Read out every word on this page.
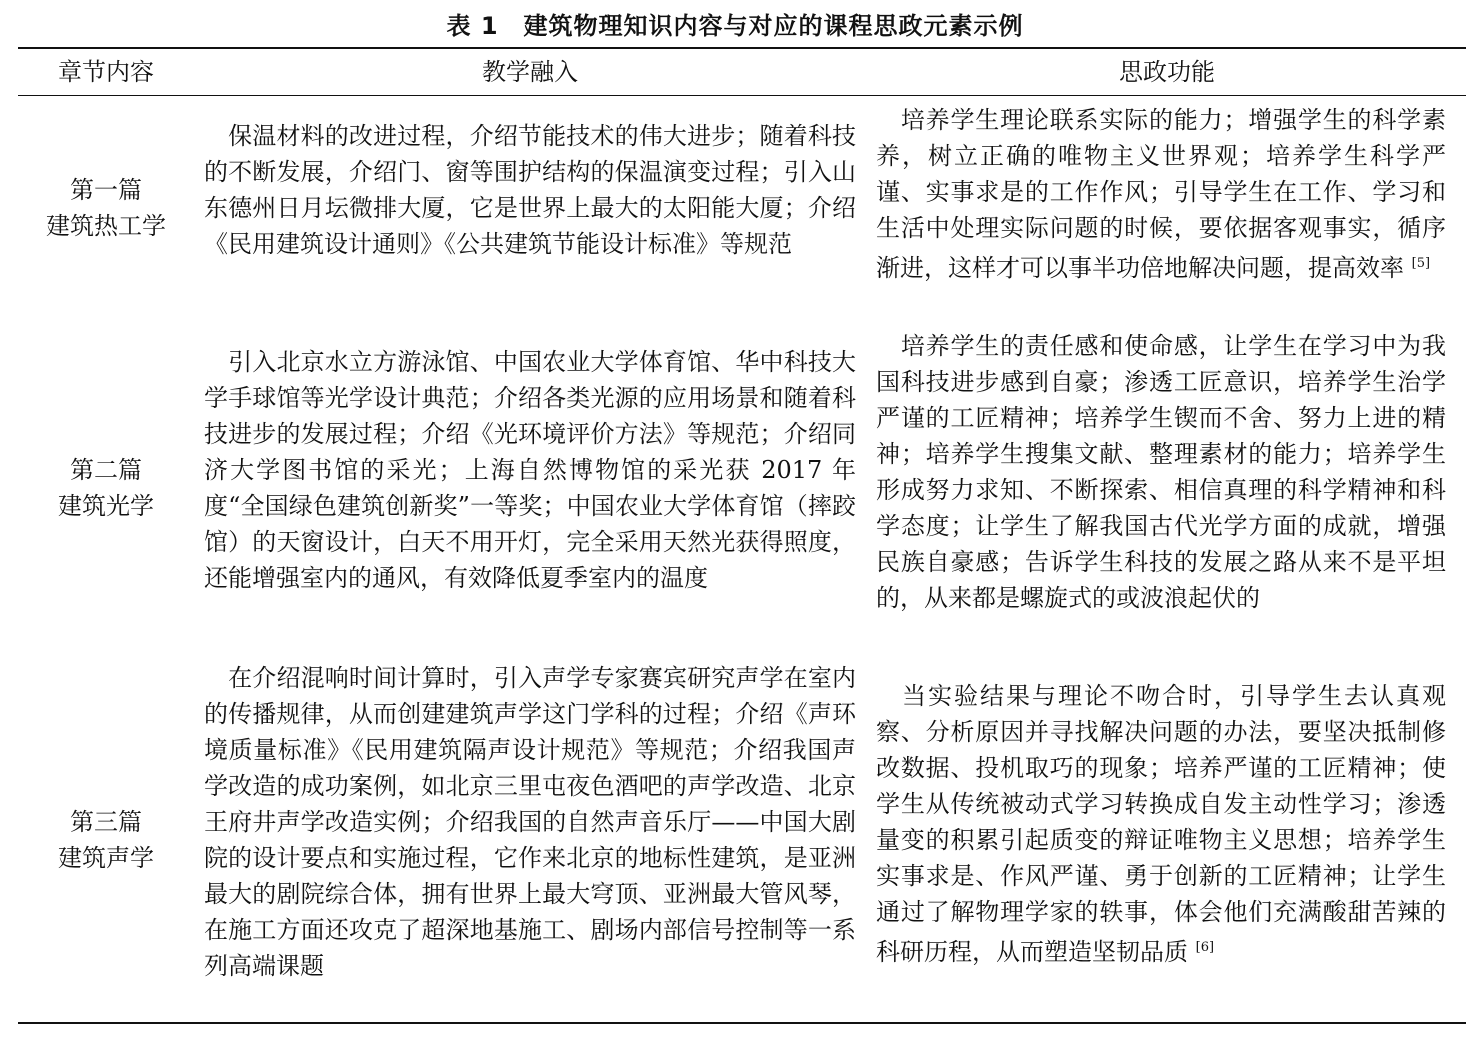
表 1　建筑物理知识内容与对应的课程思政元素示例
章节内容	教学融入	思政功能
第一篇
建筑热工学
保温材料的改进过程，介绍节能技术的伟大进步；随着科技的不断发展，介绍门、窗等围护结构的保温演变过程；引入山东德州日月坛微排大厦，它是世界上最大的太阳能大厦；介绍《民用建筑设计通则》《公共建筑节能设计标准》等规范
培养学生理论联系实际的能力；增强学生的科学素养，树立正确的唯物主义世界观；培养学生科学严谨、实事求是的工作作风；引导学生在工作、学习和生活中处理实际问题的时候，要依据客观事实，循序渐进，这样才可以事半功倍地解决问题，提高效率 [5]
第二篇
建筑光学
引入北京水立方游泳馆、中国农业大学体育馆、华中科技大学手球馆等光学设计典范；介绍各类光源的应用场景和随着科技进步的发展过程；介绍《光环境评价方法》等规范；介绍同济大学图书馆的采光；上海自然博物馆的采光获 2017 年度“全国绿色建筑创新奖”一等奖；中国农业大学体育馆（摔跤馆）的天窗设计，白天不用开灯，完全采用天然光获得照度，还能增强室内的通风，有效降低夏季室内的温度
培养学生的责任感和使命感，让学生在学习中为我国科技进步感到自豪；渗透工匠意识，培养学生治学严谨的工匠精神；培养学生锲而不舍、努力上进的精神；培养学生搜集文献、整理素材的能力；培养学生形成努力求知、不断探索、相信真理的科学精神和科学态度；让学生了解我国古代光学方面的成就，增强民族自豪感；告诉学生科技的发展之路从来不是平坦的，从来都是螺旋式的或波浪起伏的
第三篇
建筑声学
在介绍混响时间计算时，引入声学专家赛宾研究声学在室内的传播规律，从而创建建筑声学这门学科的过程；介绍《声环境质量标准》《民用建筑隔声设计规范》等规范；介绍我国声学改造的成功案例，如北京三里屯夜色酒吧的声学改造、北京王府井声学改造实例；介绍我国的自然声音乐厅——中国大剧院的设计要点和实施过程，它作来北京的地标性建筑，是亚洲最大的剧院综合体，拥有世界上最大穹顶、亚洲最大管风琴，在施工方面还攻克了超深地基施工、剧场内部信号控制等一系列高端课题
当实验结果与理论不吻合时，引导学生去认真观察、分析原因并寻找解决问题的办法，要坚决抵制修改数据、投机取巧的现象；培养严谨的工匠精神；使学生从传统被动式学习转换成自发主动性学习；渗透量变的积累引起质变的辩证唯物主义思想；培养学生实事求是、作风严谨、勇于创新的工匠精神；让学生通过了解物理学家的轶事，体会他们充满酸甜苦辣的科研历程，从而塑造坚韧品质 [6]
